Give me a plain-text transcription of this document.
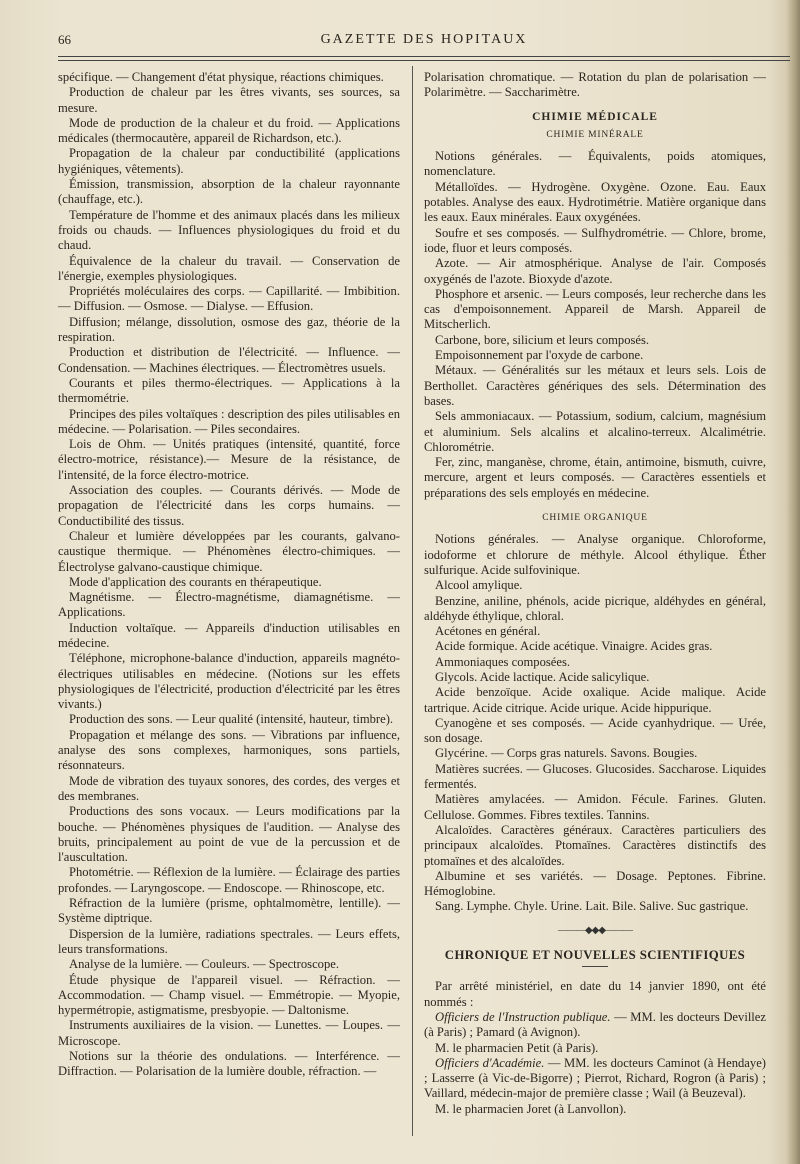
66	GAZETTE DES HOPITAUX

spécifique. — Changement d'état physique, réactions chimiques.

Production de chaleur par les êtres vivants, ses sources, sa mesure.

Mode de production de la chaleur et du froid. — Applications médicales (thermocautère, appareil de Richardson, etc.).

Propagation de la chaleur par conductibilité (applications hygiéniques, vêtements).

Émission, transmission, absorption de la chaleur rayonnante (chauffage, etc.).

Température de l'homme et des animaux placés dans les milieux froids ou chauds. — Influences physiologiques du froid et du chaud.

Équivalence de la chaleur du travail. — Conservation de l'énergie, exemples physiologiques.

Propriétés moléculaires des corps. — Capillarité. — Imbibition. — Diffusion. — Osmose. — Dialyse. — Effusion.

Diffusion; mélange, dissolution, osmose des gaz, théorie de la respiration.

Production et distribution de l'électricité. — Influence. — Condensation. — Machines électriques. — Électromètres usuels.

Courants et piles thermo-électriques. — Applications à la thermométrie.

Principes des piles voltaïques : description des piles utilisables en médecine. — Polarisation. — Piles secondaires.

Lois de Ohm. — Unités pratiques (intensité, quantité, force électro-motrice, résistance).— Mesure de la résistance, de l'intensité, de la force électro-motrice.

Association des couples. — Courants dérivés. — Mode de propagation de l'électricité dans les corps humains. — Conductibilité des tissus.

Chaleur et lumière développées par les courants, galvano-caustique thermique. — Phénomènes électro-chimiques. — Électrolyse galvano-caustique chimique.

Mode d'application des courants en thérapeutique.

Magnétisme. — Électro-magnétisme, diamagnétisme. — Applications.

Induction voltaïque. — Appareils d'induction utilisables en médecine.

Téléphone, microphone-balance d'induction, appareils magnéto-électriques utilisables en médecine. (Notions sur les effets physiologiques de l'électricité, production d'électricité par les êtres vivants.)

Production des sons. — Leur qualité (intensité, hauteur, timbre).

Propagation et mélange des sons. — Vibrations par influence, analyse des sons complexes, harmoniques, sons partiels, résonnateurs.

Mode de vibration des tuyaux sonores, des cordes, des verges et des membranes.

Productions des sons vocaux. — Leurs modifications par la bouche. — Phénomènes physiques de l'audition. — Analyse des bruits, principalement au point de vue de la percussion et de l'auscultation.

Photométrie. — Réflexion de la lumière. — Éclairage des parties profondes. — Laryngoscope. — Endoscope. — Rhinoscope, etc.

Réfraction de la lumière (prisme, ophtalmomètre, lentille). — Système diptrique.

Dispersion de la lumière, radiations spectrales. — Leurs effets, leurs transformations.

Analyse de la lumière. — Couleurs. — Spectroscope.

Étude physique de l'appareil visuel. — Réfraction. — Accommodation. — Champ visuel. — Emmétropie. — Myopie, hypermétropie, astigmatisme, presbyopie. — Daltonisme.

Instruments auxiliaires de la vision. — Lunettes. — Loupes. — Microscope.

Notions sur la théorie des ondulations. — Interférence. — Diffraction. — Polarisation de la lumière double, réfraction. —

Polarisation chromatique. — Rotation du plan de polarisation — Polarimètre. — Saccharimètre.

CHIMIE MÉDICALE
CHIMIE MINÉRALE

Notions générales. — Équivalents, poids atomiques, nomenclature.

Métalloïdes. — Hydrogène. Oxygène. Ozone. Eau. Eaux potables. Analyse des eaux. Hydrotimétrie. Matière organique dans les eaux. Eaux minérales. Eaux oxygénées.

Soufre et ses composés. — Sulfhydrométrie. — Chlore, brome, iode, fluor et leurs composés.

Azote. — Air atmosphérique. Analyse de l'air. Composés oxygénés de l'azote. Bioxyde d'azote.

Phosphore et arsenic. — Leurs composés, leur recherche dans les cas d'empoisonnement. Appareil de Marsh. Appareil de Mitscherlich.

Carbone, bore, silicium et leurs composés.

Empoisonnement par l'oxyde de carbone.

Métaux. — Généralités sur les métaux et leurs sels. Lois de Berthollet. Caractères génériques des sels. Détermination des bases.

Sels ammoniacaux. — Potassium, sodium, calcium, magnésium et aluminium. Sels alcalins et alcalino-terreux. Alcalimétrie. Chlorométrie.

Fer, zinc, manganèse, chrome, étain, antimoine, bismuth, cuivre, mercure, argent et leurs composés. — Caractères essentiels et préparations des sels employés en médecine.

CHIMIE ORGANIQUE

Notions générales. — Analyse organique. Chloroforme, iodoforme et chlorure de méthyle. Alcool éthylique. Éther sulfurique. Acide sulfovinique.

Alcool amylique.

Benzine, aniline, phénols, acide picrique, aldéhydes en général, aldéhyde éthylique, chloral.

Acétones en général.

Acide formique. Acide acétique. Vinaigre. Acides gras.

Ammoniaques composées.

Glycols. Acide lactique. Acide salicylique.

Acide benzoïque. Acide oxalique. Acide malique. Acide tartrique. Acide citrique. Acide urique. Acide hippurique.

Cyanogène et ses composés. — Acide cyanhydrique. — Urée, son dosage.

Glycérine. — Corps gras naturels. Savons. Bougies.

Matières sucrées. — Glucoses. Glucosides. Saccharose. Liquides fermentés.

Matières amylacées. — Amidon. Fécule. Farines. Gluten. Cellulose. Gommes. Fibres textiles. Tannins.

Alcaloïdes. Caractères généraux. Caractères particuliers des principaux alcaloïdes. Ptomaïnes. Caractères distinctifs des ptomaïnes et des alcaloïdes.

Albumine et ses variétés. — Dosage. Peptones. Fibrine. Hémoglobine.

Sang. Lymphe. Chyle. Urine. Lait. Bile. Salive. Suc gastrique.

———◆◆◆———
CHRONIQUE ET NOUVELLES SCIENTIFIQUES

Par arrêté ministériel, en date du 14 janvier 1890, ont été nommés :

Officiers de l'Instruction publique. — MM. les docteurs Devillez (à Paris) ; Pamard (à Avignon).

M. le pharmacien Petit (à Paris).

Officiers d'Académie. — MM. les docteurs Caminot (à Hendaye) ; Lasserre (à Vic-de-Bigorre) ; Pierrot, Richard, Rogron (à Paris) ; Vaillard, médecin-major de première classe ; Wail (à Beuzeval).

M. le pharmacien Joret (à Lanvollon).
